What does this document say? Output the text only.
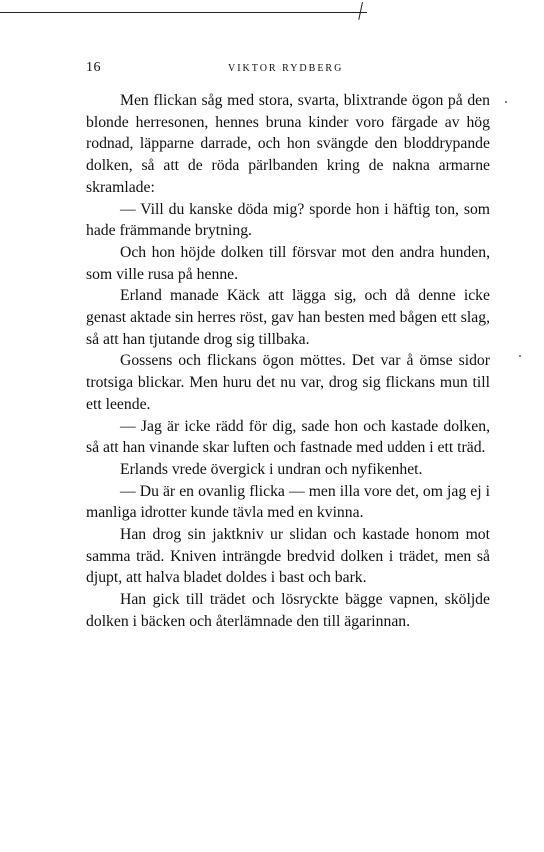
16	VIKTOR RYDBERG

Men flickan såg med stora, svarta, blixtrande ögon på den blonde herresonen, hennes bruna kinder voro färgade av hög rodnad, läpparne darrade, och hon svängde den bloddrypande dolken, så att de röda pärlbanden kring de nakna armarne skramlade:

— Vill du kanske döda mig? sporde hon i häftig ton, som hade främmande brytning.

Och hon höjde dolken till försvar mot den andra hunden, som ville rusa på henne.

Erland manade Käck att lägga sig, och då denne icke genast aktade sin herres röst, gav han besten med bågen ett slag, så att han tjutande drog sig tillbaka.

Gossens och flickans ögon möttes. Det var å ömse sidor trotsiga blickar. Men huru det nu var, drog sig flickans mun till ett leende.

— Jag är icke rädd för dig, sade hon och kastade dolken, så att han vinande skar luften och fastnade med udden i ett träd.

Erlands vrede övergick i undran och nyfikenhet.

— Du är en ovanlig flicka — men illa vore det, om jag ej i manliga idrotter kunde tävla med en kvinna.

Han drog sin jaktkniv ur slidan och kastade honom mot samma träd. Kniven inträngde bredvid dolken i trädet, men så djupt, att halva bladet doldes i bast och bark.

Han gick till trädet och lösryckte bägge vapnen, sköljde dolken i bäcken och återlämnade den till ägarinnan.
